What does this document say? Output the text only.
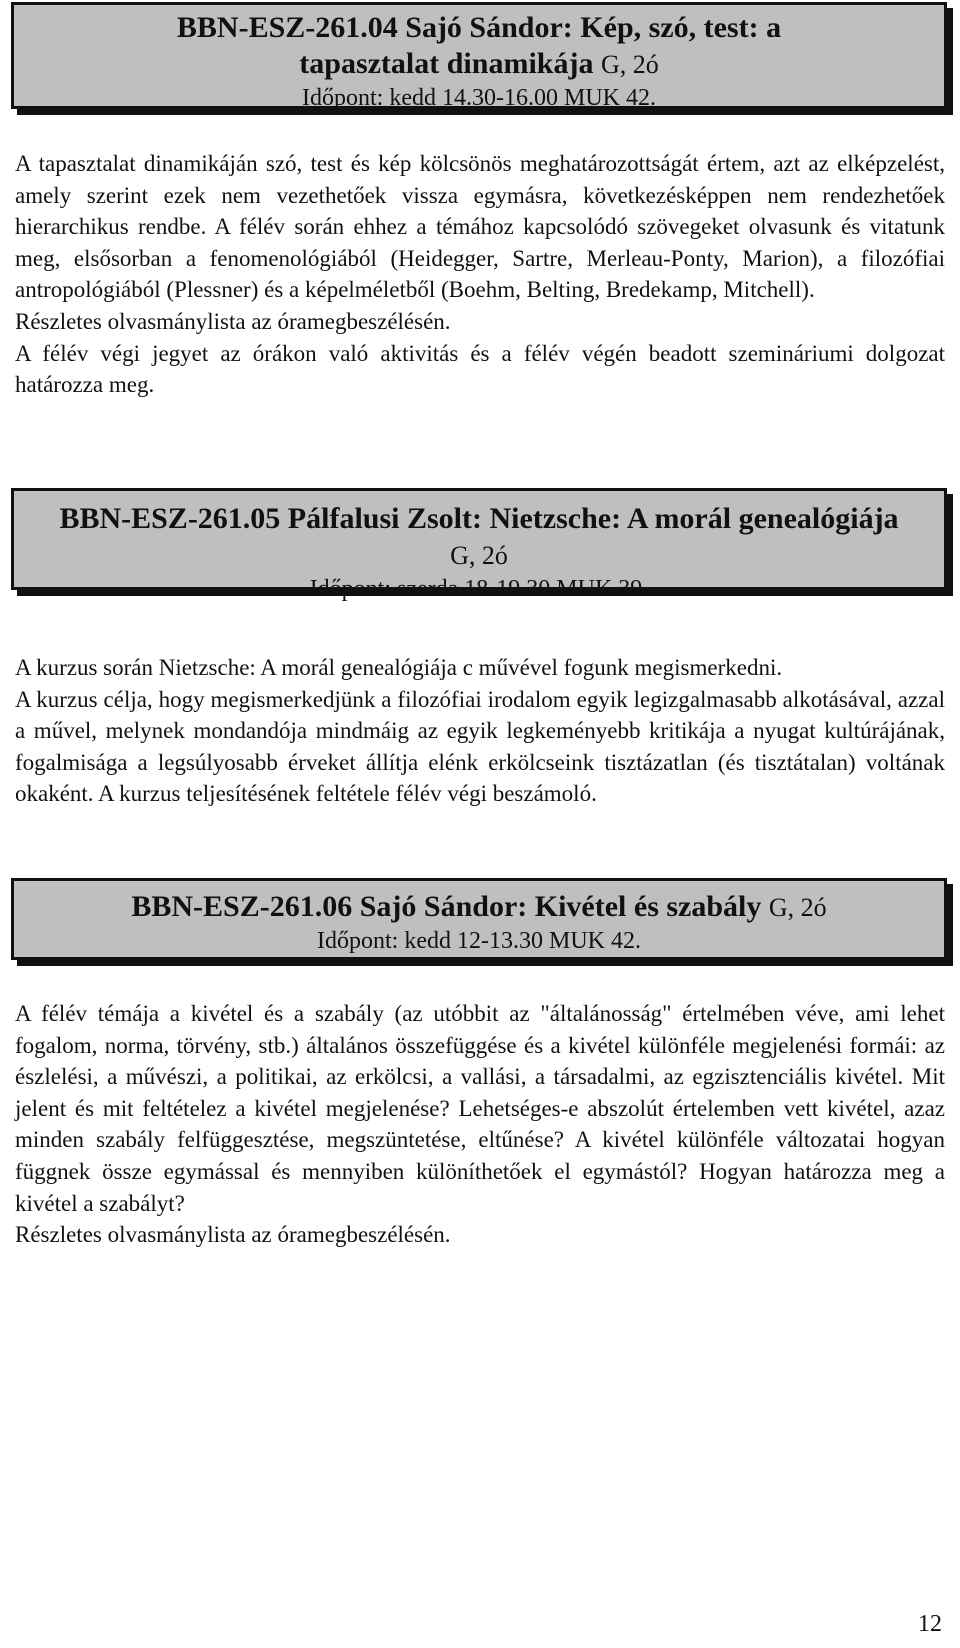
BBN-ESZ-261.04 Sajó Sándor: Kép, szó, test: a tapasztalat dinamikája G, 2ó
Időpont: kedd 14.30-16.00 MUK 42.

A tapasztalat dinamikáján szó, test és kép kölcsönös meghatározottságát értem, azt az elképzelést, amely szerint ezek nem vezethetőek vissza egymásra, következésképpen nem rendezhetőek hierarchikus rendbe. A félév során ehhez a témához kapcsolódó szövegeket olvasunk és vitatunk meg, elsősorban a fenomenológiából (Heidegger, Sartre, Merleau-Ponty, Marion), a filozófiai antropológiából (Plessner) és a képelméletből (Boehm, Belting, Bredekamp, Mitchell).

Részletes olvasmánylista az óramegbeszélésén.

A félév végi jegyet az órákon való aktivitás és a félév végén beadott szemináriumi dolgozat határozza meg.

BBN-ESZ-261.05 Pálfalusi Zsolt: Nietzsche: A morál genealógiája
G, 2ó
Időpont: szerda 18-19.30 MUK 39.

A kurzus során Nietzsche: A morál genealógiája c művével fogunk megismerkedni.

A kurzus célja, hogy megismerkedjünk a filozófiai irodalom egyik legizgalmasabb alkotásával, azzal a művel, melynek mondandója mindmáig az egyik legkeményebb kritikája a nyugat kultúrájának, fogalmisága a legsúlyosabb érveket állítja elénk erkölcseink tisztázatlan (és tisztátalan) voltának okaként. A kurzus teljesítésének feltétele félév végi beszámoló.

BBN-ESZ-261.06 Sajó Sándor: Kivétel és szabály G, 2ó
Időpont: kedd 12-13.30 MUK 42.

A félév témája a kivétel és a szabály (az utóbbit az "általánosság" értelmében véve, ami lehet fogalom, norma, törvény, stb.) általános összefüggése és a kivétel különféle megjelenési formái: az észlelési, a művészi, a politikai, az erkölcsi, a vallási, a társadalmi, az egzisztenciális kivétel. Mit jelent és mit feltételez a kivétel megjelenése? Lehetséges-e abszolút értelemben vett kivétel, azaz minden szabály felfüggesztése, megszüntetése, eltűnése? A kivétel különféle változatai hogyan függnek össze egymással és mennyiben különíthetőek el egymástól? Hogyan határozza meg a kivétel a szabályt?

Részletes olvasmánylista az óramegbeszélésén.

12
